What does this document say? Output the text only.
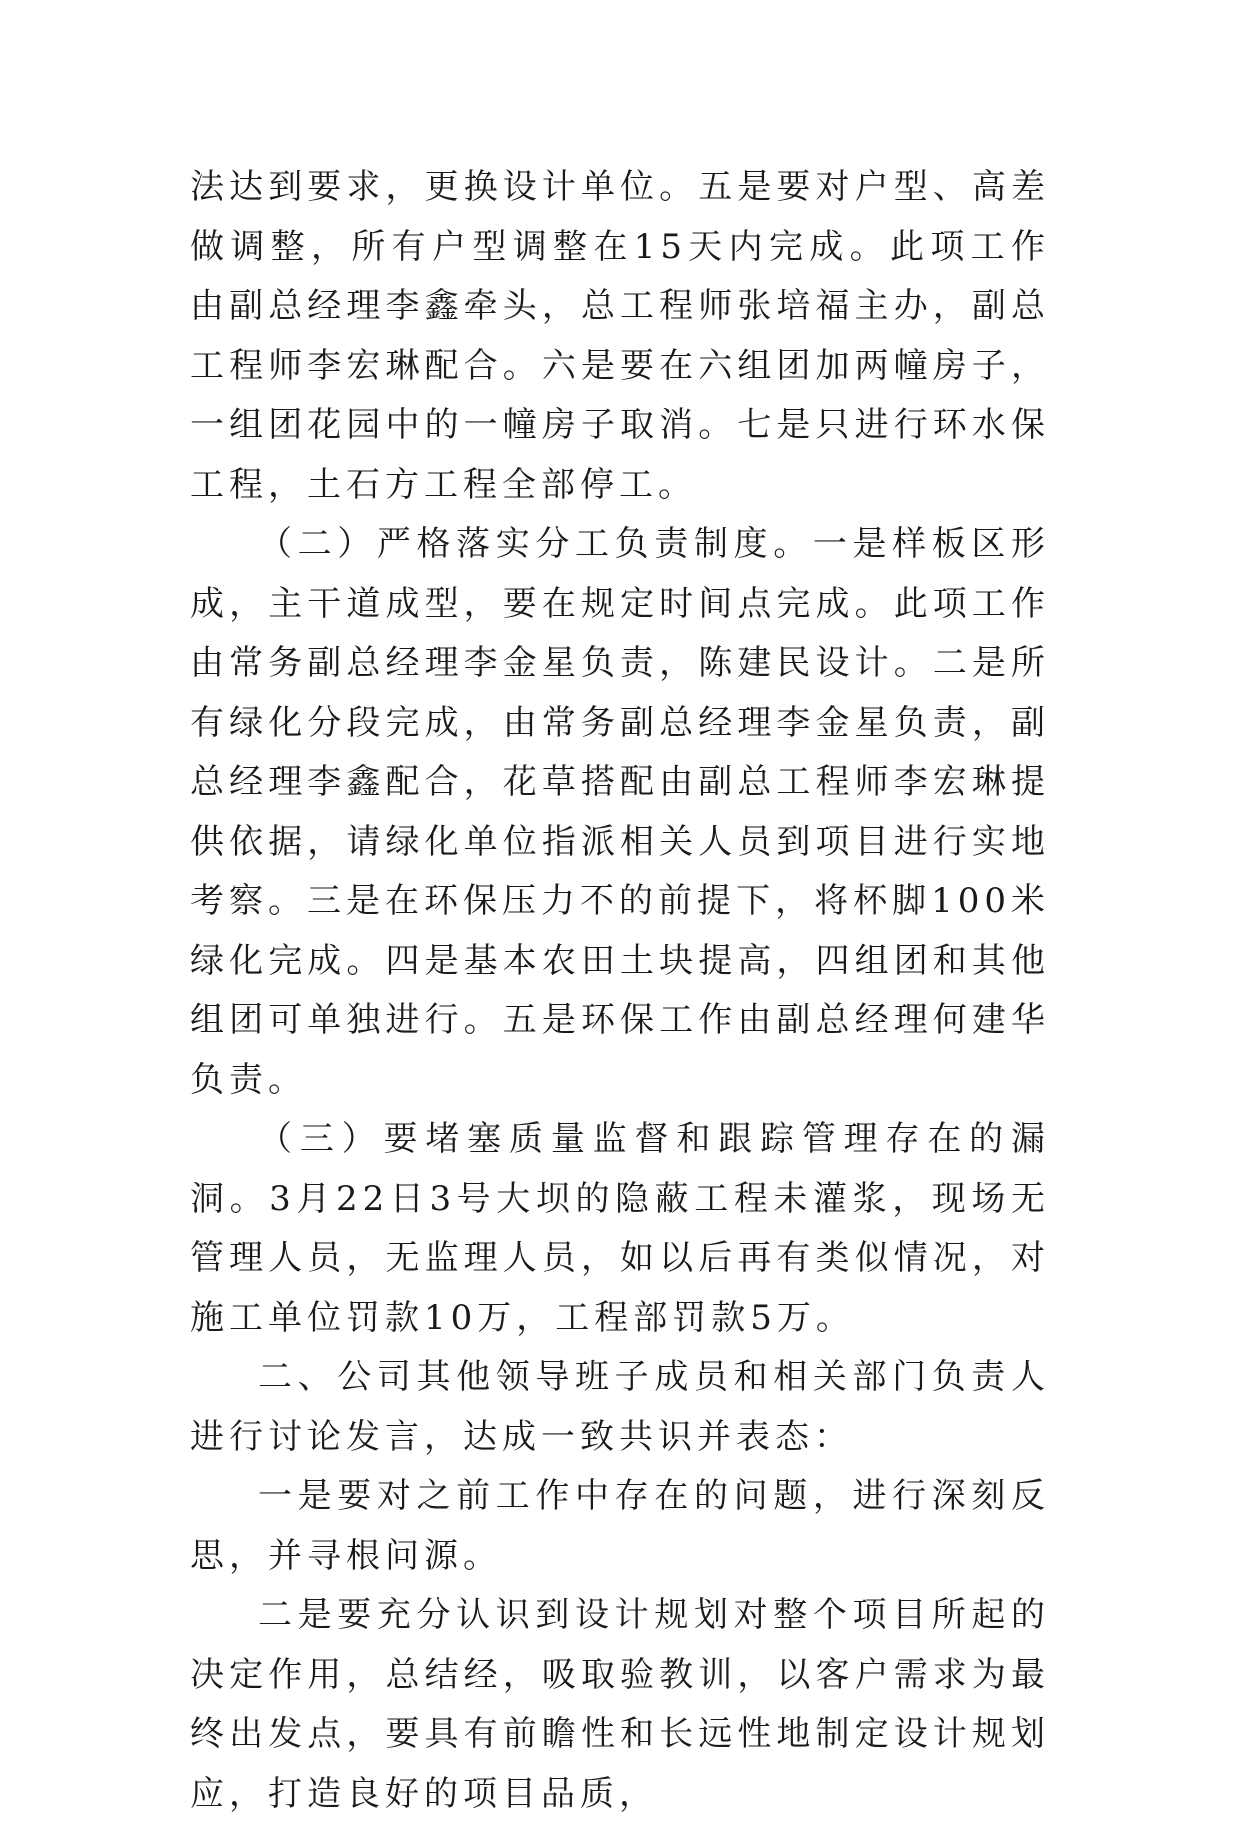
法达到要求，更换设计单位。五是要对户型、高差做调整，所有户型调整在15天内完成。此项工作由副总经理李鑫牵头，总工程师张培福主办，副总工程师李宏琳配合。六是要在六组团加两幢房子，一组团花园中的一幢房子取消。七是只进行环水保工程，土石方工程全部停工。

（二）严格落实分工负责制度。一是样板区形成，主干道成型，要在规定时间点完成。此项工作由常务副总经理李金星负责，陈建民设计。二是所有绿化分段完成，由常务副总经理李金星负责，副总经理李鑫配合，花草搭配由副总工程师李宏琳提供依据，请绿化单位指派相关人员到项目进行实地考察。三是在环保压力不的前提下，将杯脚100米绿化完成。四是基本农田土块提高，四组团和其他组团可单独进行。五是环保工作由副总经理何建华负责。

（三）要堵塞质量监督和跟踪管理存在的漏洞。3月22日3号大坝的隐蔽工程未灌浆，现场无管理人员，无监理人员，如以后再有类似情况，对施工单位罚款10万，工程部罚款5万。

二、公司其他领导班子成员和相关部门负责人进行讨论发言，达成一致共识并表态：

一是要对之前工作中存在的问题，进行深刻反思，并寻根问源。

二是要充分认识到设计规划对整个项目所起的决定作用，总结经，吸取验教训，以客户需求为最终出发点，要具有前瞻性和长远性地制定设计规划应，打造良好的项目品质，
